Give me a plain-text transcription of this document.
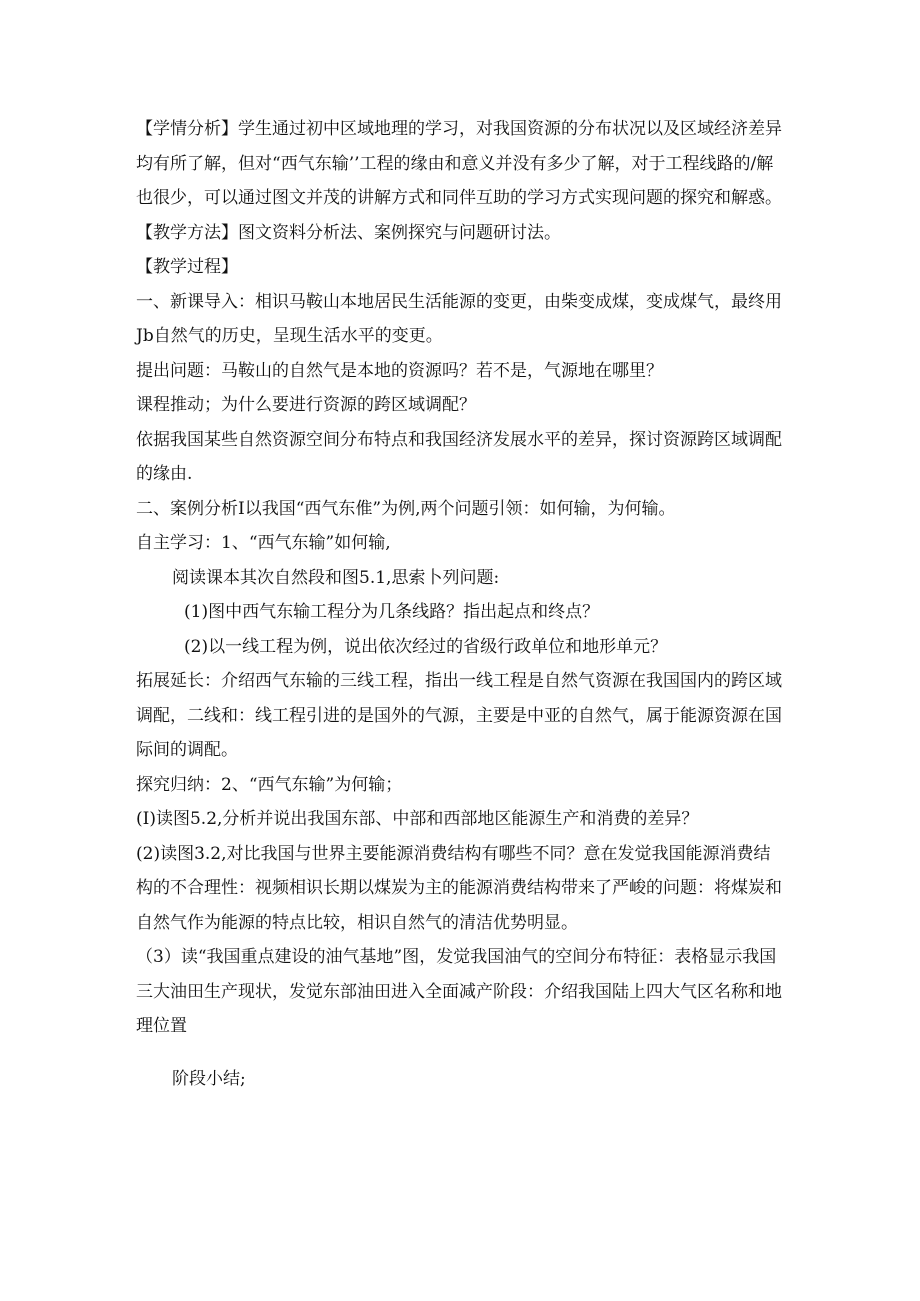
【学情分析】学生通过初中区域地理的学习，对我国资源的分布状况以及区域经济差异均有所了解，但对“西气东输’’工程的缘由和意义并没有多少了解，对于工程线路的/解也很少，可以通过图文并茂的讲解方式和同伴互助的学习方式实现问题的探究和解惑。

【教学方法】图文资料分析法、案例探究与问题研讨法。

【教学过程】

一、新课导入：相识马鞍山本地居民生活能源的变更，由柴变成煤，变成煤气，最终用Jb自然气的历史，呈现生活水平的变更。

提出问题：马鞍山的自然气是本地的资源吗？若不是，气源地在哪里？

课程推动；为什么要进行资源的跨区域调配？

依据我国某些自然资源空间分布特点和我国经济发展水平的差异，探讨资源跨区域调配的缘由.

二、案例分析I以我国“西气东倠”为例,两个问题引领：如何输，为何输。

自主学习：1、“西气东输”如何输,

阅读课本其次自然段和图5.1,思索卜列问题:

(1)图中西气东输工程分为几条线路？指出起点和终点？

(2)以一线工程为例，说出依次经过的省级行政单位和地形单元？

拓展延长：介绍西气东输的三线工程，指出一线工程是自然气资源在我国国内的跨区域调配，二线和：线工程引进的是国外的气源，主要是中亚的自然气，属于能源资源在国际间的调配。

探究归纳：2、“西气东输”为何输；

(I)读图5.2,分析并说出我国东部、中部和西部地区能源生产和消费的差异？

(2)读图3.2,对比我国与世界主要能源消费结构有哪些不同？意在发觉我国能源消费结构的不合理性：视频相识长期以煤炭为主的能源消费结构带来了严峻的问题：将煤炭和自然气作为能源的特点比较，相识自然气的清洁优势明显。

（3）读“我国重点建设的油气基地”图，发觉我国油气的空间分布特征：表格显示我国三大油田生产现状，发觉东部油田进入全面减产阶段：介绍我国陆上四大气区名称和地理位置

阶段小结;
